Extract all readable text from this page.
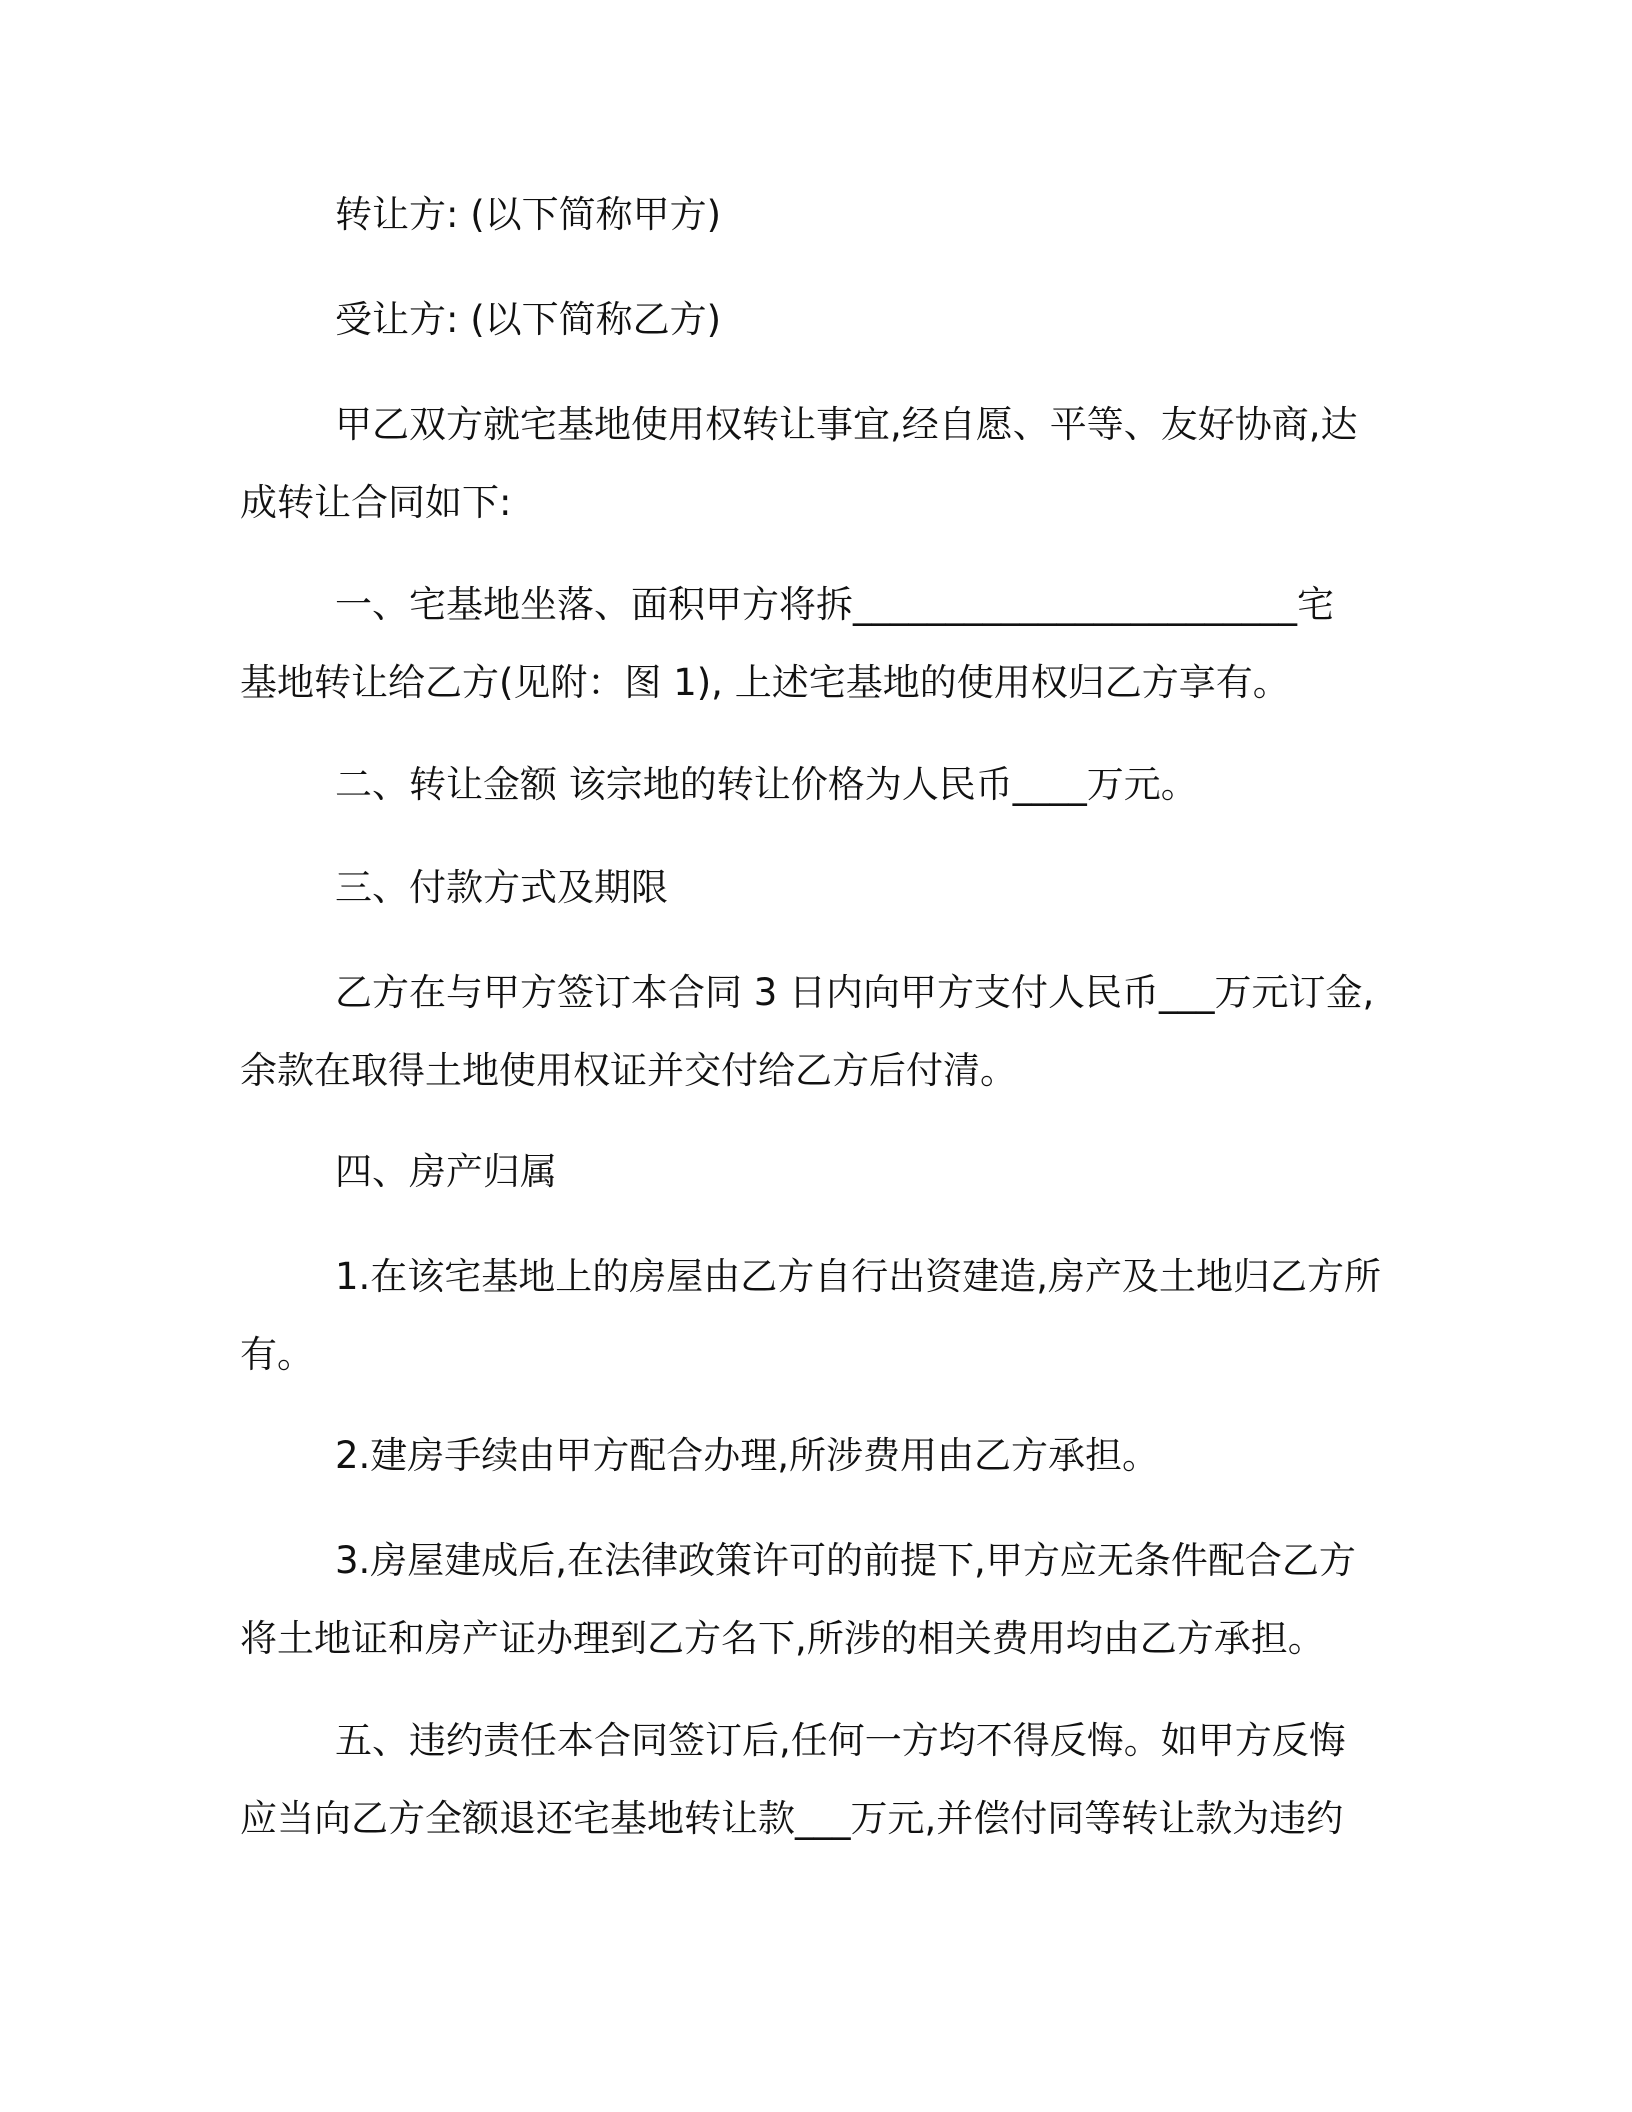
转让方: (以下简称甲方)
受让方: (以下简称乙方)
甲乙双方就宅基地使用权转让事宜,经自愿、平等、友好协商,达
成转让合同如下:
一、宅基地坐落、面积甲方将拆________________________宅
基地转让给乙方(见附：图 1), 上述宅基地的使用权归乙方享有。
二、转让金额 该宗地的转让价格为人民币____万元。
三、付款方式及期限
乙方在与甲方签订本合同 3 日内向甲方支付人民币___万元订金,
余款在取得土地使用权证并交付给乙方后付清。
四、房产归属
1.在该宅基地上的房屋由乙方自行出资建造,房产及土地归乙方所
有。
2.建房手续由甲方配合办理,所涉费用由乙方承担。
3.房屋建成后,在法律政策许可的前提下,甲方应无条件配合乙方
将土地证和房产证办理到乙方名下,所涉的相关费用均由乙方承担。
五、违约责任本合同签订后,任何一方均不得反悔。如甲方反悔
应当向乙方全额退还宅基地转让款___万元,并偿付同等转让款为违约
